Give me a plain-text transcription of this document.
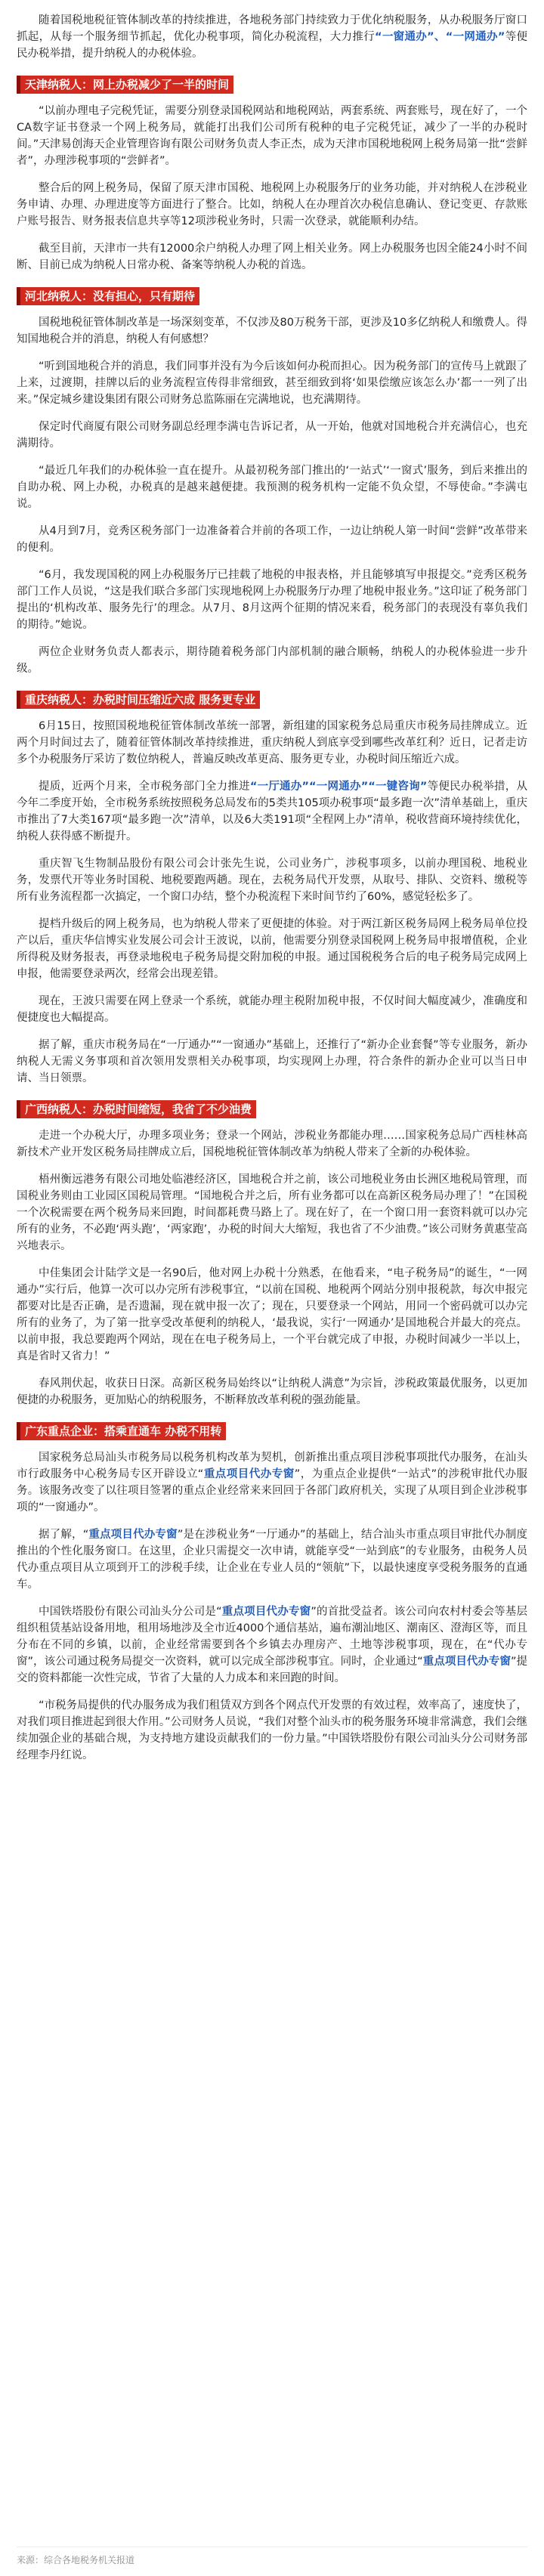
随着国税地税征管体制改革的持续推进，各地税务部门持续致力于优化纳税服务，从办税服务厅窗口抓起，从每一个服务细节抓起，优化办税事项，简化办税流程，大力推行“一窗通办”、“一网通办”等便民办税举措，提升纳税人的办税体验。

天津纳税人：网上办税减少了一半的时间

“以前办理电子完税凭证，需要分别登录国税网站和地税网站，两套系统、两套账号，现在好了，一个CA数字证书登录一个网上税务局，就能打出我们公司所有税种的电子完税凭证，减少了一半的办税时间。”天津易创海天企业管理咨询有限公司财务负责人李正杰，成为天津市国税地税网上税务局第一批“尝鲜者”，办理涉税事项的“尝鲜者”。

整合后的网上税务局，保留了原天津市国税、地税网上办税服务厅的业务功能，并对纳税人在涉税业务申请、办理、办理进度等方面进行了整合。比如，纳税人在办理首次办税信息确认、登记变更、存款账户账号报告、财务报表信息共享等12项涉税业务时，只需一次登录，就能顺利办结。

截至目前，天津市一共有12000余户纳税人办理了网上相关业务。网上办税服务也因全能24小时不间断、目前已成为纳税人日常办税、备案等纳税人办税的首选。

河北纳税人：没有担心，只有期待

国税地税征管体制改革是一场深刻变革，不仅涉及80万税务干部，更涉及10多亿纳税人和缴费人。得知国地税合并的消息，纳税人有何感想？

“听到国地税合并的消息，我们同事并没有为今后该如何办税而担心。因为税务部门的宣传马上就跟了上来，过渡期，挂牌以后的业务流程宣传得非常细致，甚至细致到将‘如果偿缴应该怎么办’都一一列了出来。”保定城乡建设集团有限公司财务总监陈丽在完满地说，也充满期待。

保定时代商厦有限公司财务副总经理李满屯告诉记者，从一开始，他就对国地税合并充满信心，也充满期待。

“最近几年我们的办税体验一直在提升。从最初税务部门推出的‘一站式’‘一窗式’服务，到后来推出的自助办税、网上办税，办税真的是越来越便捷。我预测的税务机构一定能不负众望，不辱使命。”李满屯说。

从4月到7月，竞秀区税务部门一边准备着合并前的各项工作，一边让纳税人第一时间“尝鲜”改革带来的便利。

“6月，我发现国税的网上办税服务厅已挂载了地税的申报表格，并且能够填写申报提交。”竞秀区税务部门工作人员说，“这是我们联合多部门实现地税网上办税服务厅办理了地税申报业务。”这印证了税务部门提出的‘机构改革、服务先行’的理念。从7月、8月这两个征期的情况来看，税务部门的表现没有辜负我们的期待。”她说。

两位企业财务负责人都表示，期待随着税务部门内部机制的融合顺畅，纳税人的办税体验进一步升级。

重庆纳税人：办税时间压缩近六成 服务更专业

6月15日，按照国税地税征管体制改革统一部署，新组建的国家税务总局重庆市税务局挂牌成立。近两个月时间过去了，随着征管体制改革持续推进，重庆纳税人到底享受到哪些改革红利？近日，记者走访多个办税服务厅采访了数位纳税人，普遍反映改革更高、服务更专业，办税时间压缩近六成。

提质，近两个月来，全市税务部门全力推进“一厅通办”“一网通办”“一键咨询”等便民办税举措，从今年二季度开始，全市税务系统按照税务总局发布的5类共105项办税事项“最多跑一次”清单基础上，重庆市推出了7大类167项“最多跑一次”清单，以及6大类191项“全程网上办”清单，税收营商环境持续优化，纳税人获得感不断提升。

重庆智飞生物制品股份有限公司会计张先生说，公司业务广，涉税事项多，以前办理国税、地税业务，发票代开等业务时国税、地税要跑两趟。现在，去税务局代开发票，从取号、排队、交资料、缴税等所有业务流程都一次搞定，一个窗口办结，整个办税流程下来时间节约了60%，感觉轻松多了。

提档升级后的网上税务局，也为纳税人带来了更便捷的体验。对于两江新区税务局网上税务局单位投产以后，重庆华信博实业发展公司会计王波说，以前，他需要分别登录国税网上税务局申报增值税，企业所得税及财务报表，再登录地税电子税务局提交附加税的申报。通过国税税务合后的电子税务局完成网上申报，他需要登录两次，经常会出现差错。

现在，王波只需要在网上登录一个系统，就能办理主税附加税申报，不仅时间大幅度减少，准确度和便捷度也大幅提高。

据了解，重庆市税务局在“一厅通办”“一窗通办”基础上，还推行了“新办企业套餐”等专业服务，新办纳税人无需义务事项和首次领用发票相关办税事项，均实现网上办理，符合条件的新办企业可以当日申请、当日领票。

广西纳税人：办税时间缩短，我省了不少油费

走进一个办税大厅，办理多项业务；登录一个网站，涉税业务都能办理……国家税务总局广西桂林高新技术产业开发区税务局挂牌成立后，国税地税征管体制改革为纳税人带来了全新的办税体验。

梧州衡远港务有限公司地处临港经济区，国地税合并之前，该公司地税业务由长洲区地税局管理，而国税业务则由工业园区国税局管理。“国地税合并之后，所有业务都可以在高新区税务局办理了！”在国税一个次税需要在两个税务局来回跑，时间都耗费马路上了。现在好了，在一个窗口用一套资料就可以办完所有的业务，不必跑‘两头跑’，‘两家跑’，办税的时间大大缩短，我也省了不少油费。”该公司财务黄惠莹高兴地表示。

中佳集团会计陆学文是一名90后，他对网上办税十分熟悉，在他看来，“电子税务局”的诞生，“一网通办”实行后，他算一次可以办完所有涉税事宜，“以前在国税、地税两个网站分别申报税款，每次申报完都要对比是否正确，是否遗漏，现在就申报一次了；现在，只要登录一个网站，用同一个密码就可以办完所有的业务了，为了第一批享受改革便利的纳税人，‘最我说，实行‘一网通办’是国地税合并最大的亮点。以前申报，我总要跑两个网站，现在在电子税务局上，一个平台就完成了申报，办税时间减少一半以上，真是省时又省力！”

春风荆伏起，收获日日深。高新区税务局始终以“让纳税人满意”为宗旨，涉税政策最优服务，以更加便捷的办税服务，更加贴心的纳税服务，不断释放改革利税的强劲能量。

广东重点企业：搭乘直通车 办税不用转

国家税务总局汕头市税务局以税务机构改革为契机，创新推出重点项目涉税事项批代办服务，在汕头市行政服务中心税务局专区开辟设立“重点项目代办专窗”，为重点企业提供“一站式”的涉税审批代办服务。该服务改变了以往项目签署的重点企业经常来来回回于各部门政府机关，实现了从项目到企业涉税事项的“一窗通办”。

据了解，“重点项目代办专窗”是在涉税业务“一厅通办”的基础上，结合汕头市重点项目审批代办制度推出的个性化服务窗口。在这里，企业只需提交一次申请，就能享受“一站到底”的专业服务，由税务人员代办重点项目从立项到开工的涉税手续，让企业在专业人员的“领航”下，以最快速度享受税务服务的直通车。

中国铁塔股份有限公司汕头分公司是“重点项目代办专窗”的首批受益者。该公司向农村村委会等基层组织租赁基站设备用地，租用场地涉及全市近4000个通信基站，遍布潮汕地区、潮南区、澄海区等，而且分布在不同的乡镇，以前，企业经常需要到各个乡镇去办理房产、土地等涉税事项，现在，在“代办专窗”，该公司通过税务局提交一次资料，就可以完成全部涉税事宜。同时，企业通过“重点项目代办专窗”提交的资料都能一次性完成，节省了大量的人力成本和来回跑的时间。

“市税务局提供的代办服务成为我们租赁双方到各个网点代开发票的有效过程，效率高了，速度快了，对我们项目推进起到很大作用。”公司财务人员说，“我们对整个汕头市的税务服务环境非常满意，我们会继续加强企业的基础合规，为支持地方建设贡献我们的一份力量。”中国铁塔股份有限公司汕头分公司财务部经理李丹红说。

来源：综合各地税务机关报道
